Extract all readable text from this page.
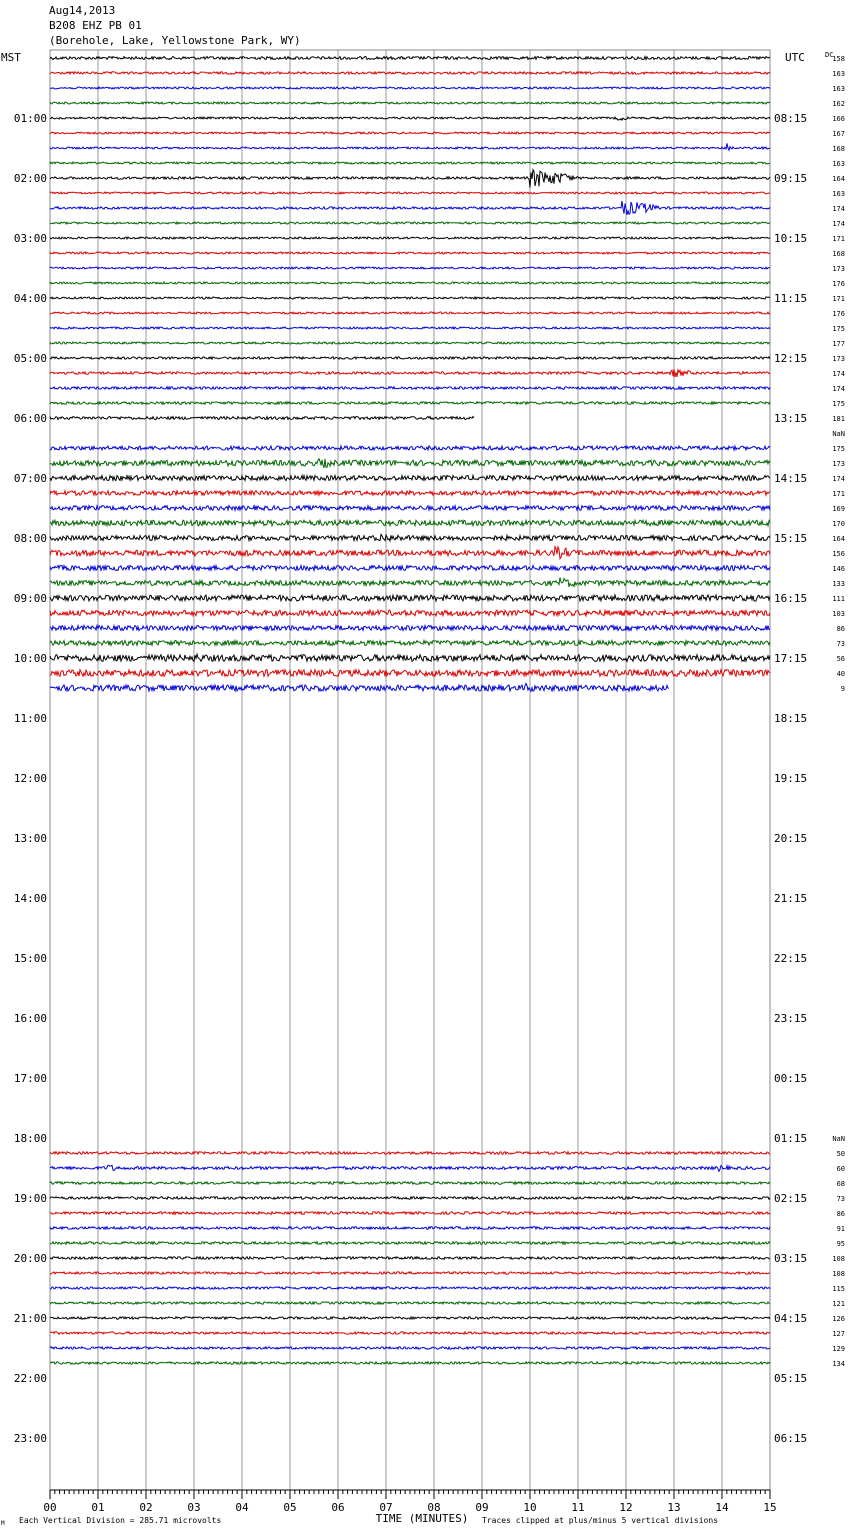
Aug14,2013
B208 EHZ PB 01
(Borehole, Lake, Yellowstone Park, WY)
MST	UTC
00	01	02	03	04	05	06	07	08	09	10	11	12	13	14	15
M Each Vertical Division = 285.71 microvolts	TIME (MINUTES) Traces clipped at plus/minus 5 vertical divisions
DC
01:00
02:00
03:00
04:00
05:00
06:00
07:00
08:00
09:00
10:00
11:00
12:00
13:00
14:00
15:00
16:00
17:00
18:00
19:00
20:00
21:00
22:00
23:00
08:15
09:15
10:15
11:15
12:15
13:15
14:15
15:15
16:15
17:15
18:15
19:15
20:15
21:15
22:15
23:15
00:15
01:15
02:15
03:15
04:15
05:15
06:15
158
163
163
162
166
167
168
163
164
163
174
174
171
168
173
176
171
176
175
177
173
174
174
175
181
NaN
175
173
174
171
169
170
164
156
146
133
111
103
86
73
56
40
9
NaN
50
60
68
73
86
91
95
108
108
115
121
126
127
129
134
